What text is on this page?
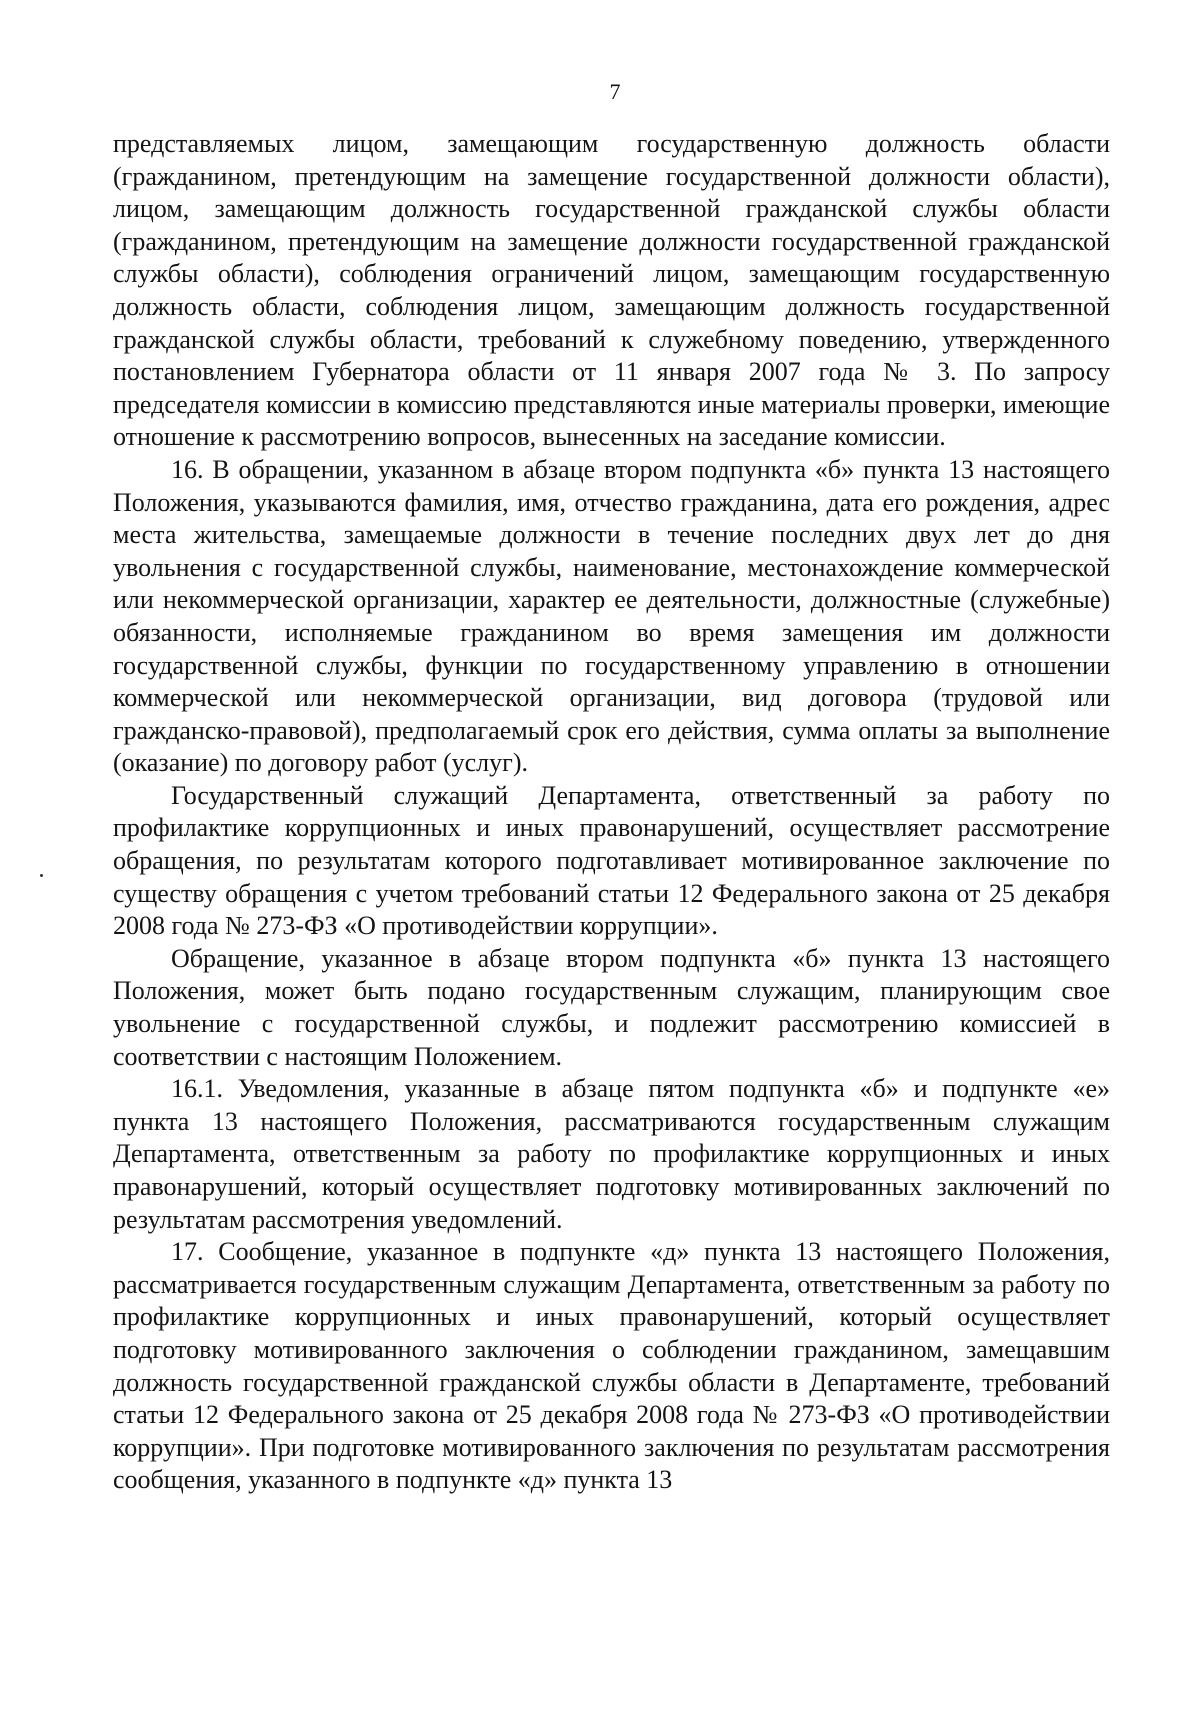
7

представляемых лицом, замещающим государственную должность области (гражданином, претендующим на замещение государственной должности области), лицом, замещающим должность государственной гражданской службы области (гражданином, претендующим на замещение должности государственной гражданской службы области), соблюдения ограничений лицом, замещающим государственную должность области, соблюдения лицом, замещающим должность государственной гражданской службы области, требований к служебному поведению, утвержденного постановлением Губернатора области от 11 января 2007 года № 3. По запросу председателя комиссии в комиссию представляются иные материалы проверки, имеющие отношение к рассмотрению вопросов, вынесенных на заседание комиссии.

16. В обращении, указанном в абзаце втором подпункта «б» пункта 13 настоящего Положения, указываются фамилия, имя, отчество гражданина, дата его рождения, адрес места жительства, замещаемые должности в течение последних двух лет до дня увольнения с государственной службы, наименование, местонахождение коммерческой или некоммерческой организации, характер ее деятельности, должностные (служебные) обязанности, исполняемые гражданином во время замещения им должности государственной службы, функции по государственному управлению в отношении коммерческой или некоммерческой организации, вид договора (трудовой или гражданско-правовой), предполагаемый срок его действия, сумма оплаты за выполнение (оказание) по договору работ (услуг).

Государственный служащий Департамента, ответственный за работу по профилактике коррупционных и иных правонарушений, осуществляет рассмотрение обращения, по результатам которого подготавливает мотивированное заключение по существу обращения с учетом требований статьи 12 Федерального закона от 25 декабря 2008 года № 273-ФЗ «О противодействии коррупции».

Обращение, указанное в абзаце втором подпункта «б» пункта 13 настоящего Положения, может быть подано государственным служащим, планирующим свое увольнение с государственной службы, и подлежит рассмотрению комиссией в соответствии с настоящим Положением.

16.1. Уведомления, указанные в абзаце пятом подпункта «б» и подпункте «е» пункта 13 настоящего Положения, рассматриваются государственным служащим Департамента, ответственным за работу по профилактике коррупционных и иных правонарушений, который осуществляет подготовку мотивированных заключений по результатам рассмотрения уведомлений.

17. Сообщение, указанное в подпункте «д» пункта 13 настоящего Положения, рассматривается государственным служащим Департамента, ответственным за работу по профилактике коррупционных и иных правонарушений, который осуществляет подготовку мотивированного заключения о соблюдении гражданином, замещавшим должность государственной гражданской службы области в Департаменте, требований статьи 12 Федерального закона от 25 декабря 2008 года № 273-ФЗ «О противодействии коррупции». При подготовке мотивированного заключения по результатам рассмотрения сообщения, указанного в подпункте «д» пункта 13
